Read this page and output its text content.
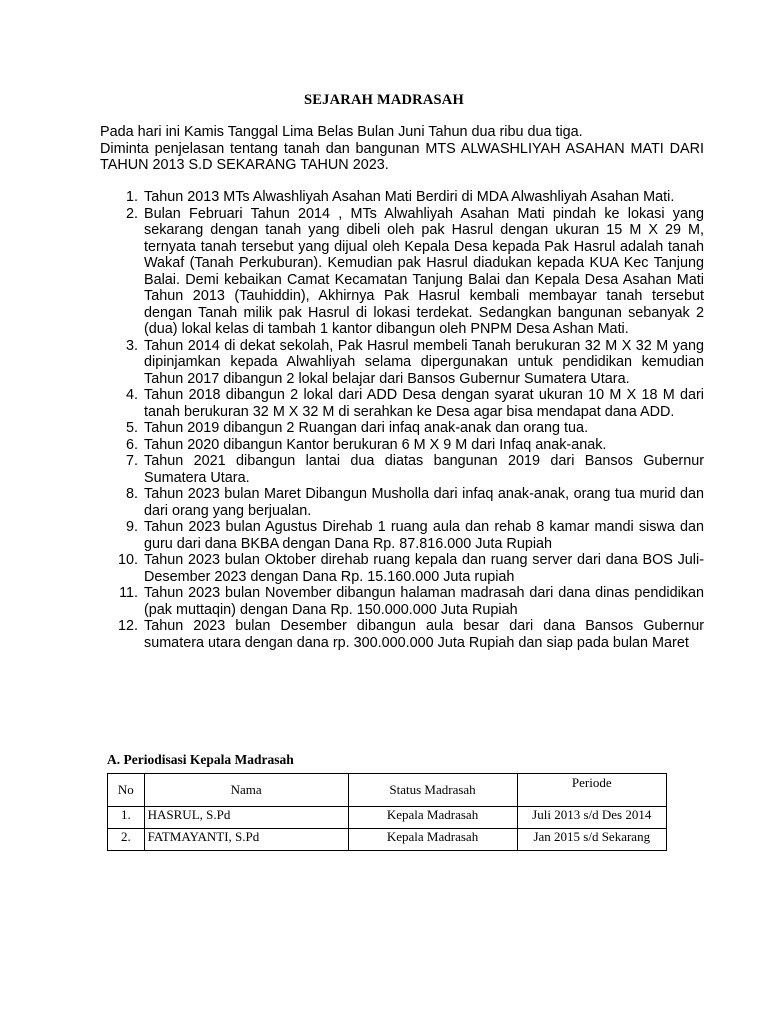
SEJARAH MADRASAH

Pada hari ini Kamis Tanggal Lima Belas Bulan Juni Tahun dua ribu dua tiga.

Diminta penjelasan tentang tanah dan bangunan MTS ALWASHLIYAH ASAHAN MATI DARI TAHUN 2013 S.D SEKARANG TAHUN 2023.

1. Tahun 2013 MTs Alwashliyah Asahan Mati Berdiri di MDA Alwashliyah Asahan Mati.
2. Bulan Februari Tahun 2014 , MTs Alwahliyah Asahan Mati pindah ke lokasi yang sekarang dengan tanah yang dibeli oleh pak Hasrul dengan ukuran 15 M X 29 M, ternyata tanah tersebut yang dijual oleh Kepala Desa kepada Pak Hasrul adalah tanah Wakaf (Tanah Perkuburan). Kemudian pak Hasrul diadukan kepada KUA Kec Tanjung Balai. Demi kebaikan Camat Kecamatan Tanjung Balai dan Kepala Desa Asahan Mati Tahun 2013 (Tauhiddin), Akhirnya Pak Hasrul kembali membayar tanah tersebut dengan Tanah milik pak Hasrul di lokasi terdekat. Sedangkan bangunan sebanyak 2 (dua) lokal kelas di tambah 1 kantor dibangun oleh PNPM Desa Ashan Mati.
3. Tahun 2014 di dekat sekolah, Pak Hasrul membeli Tanah berukuran 32 M X 32 M yang dipinjamkan kepada Alwahliyah selama dipergunakan untuk pendidikan kemudian Tahun 2017 dibangun 2 lokal belajar dari Bansos Gubernur Sumatera Utara.
4. Tahun 2018 dibangun 2 lokal dari ADD Desa dengan syarat ukuran 10 M X 18 M dari tanah berukuran 32 M X 32 M di serahkan ke Desa agar bisa mendapat dana ADD.
5. Tahun 2019 dibangun 2 Ruangan dari infaq anak-anak dan orang tua.
6. Tahun 2020 dibangun Kantor berukuran 6 M X 9 M dari Infaq anak-anak.
7. Tahun 2021 dibangun lantai dua diatas bangunan 2019 dari Bansos Gubernur Sumatera Utara.
8. Tahun 2023 bulan Maret Dibangun Musholla dari infaq anak-anak, orang tua murid dan dari orang yang berjualan.
9. Tahun 2023 bulan Agustus Direhab 1 ruang aula dan rehab 8 kamar mandi siswa dan guru dari dana BKBA dengan Dana Rp. 87.816.000 Juta Rupiah
10. Tahun 2023 bulan Oktober direhab ruang kepala dan ruang server dari dana BOS Juli-Desember 2023 dengan Dana Rp. 15.160.000 Juta rupiah
11. Tahun 2023 bulan November dibangun halaman madrasah dari dana dinas pendidikan (pak muttaqin) dengan Dana Rp. 150.000.000 Juta Rupiah
12. Tahun 2023 bulan Desember dibangun aula besar dari dana Bansos Gubernur sumatera utara dengan dana rp. 300.000.000 Juta Rupiah dan siap pada bulan Maret
A. Periodisasi Kepala Madrasah
No	Nama	Status Madrasah	Periode
1.	HASRUL, S.Pd	Kepala Madrasah	Juli 2013 s/d Des 2014
2.	FATMAYANTI, S.Pd	Kepala Madrasah	Jan 2015 s/d Sekarang
